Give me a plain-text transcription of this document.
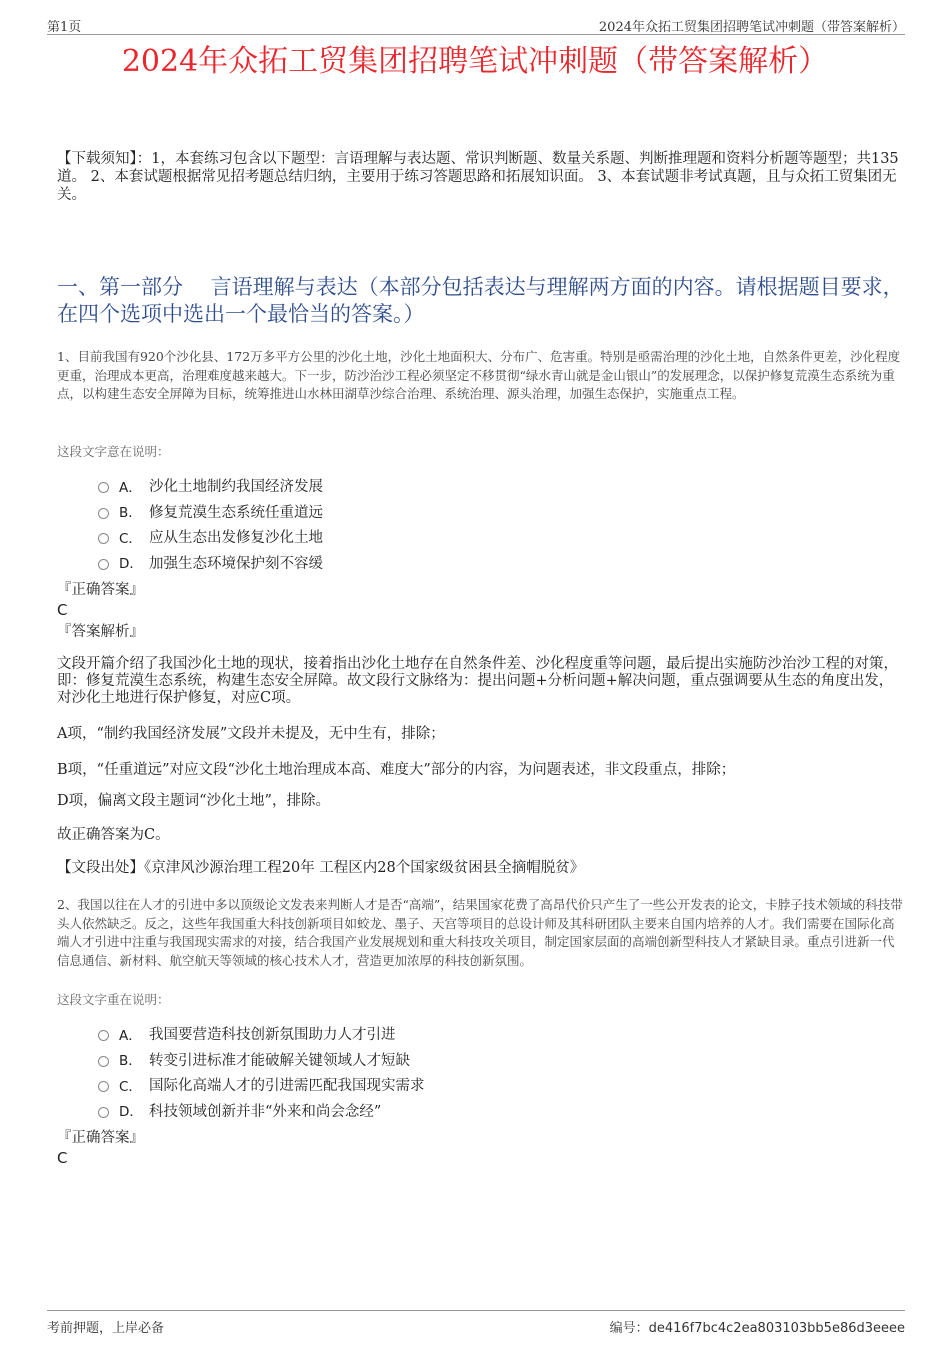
第1页	2024年众拓工贸集团招聘笔试冲刺题（带答案解析）
2024年众拓工贸集团招聘笔试冲刺题（带答案解析）
【下载须知】：1，本套练习包含以下题型：言语理解与表达题、常识判断题、数量关系题、判断推理题和资料分析题等题型；共135道。 2、本套试题根据常见招考题总结归纳，主要用于练习答题思路和拓展知识面。 3、本套试题非考试真题，且与众拓工贸集团无关。
一、第一部分　 言语理解与表达（本部分包括表达与理解两方面的内容。请根据题目要求，在四个选项中选出一个最恰当的答案。）
1、目前我国有920个沙化县、172万多平方公里的沙化土地，沙化土地面积大、分布广、危害重。特别是亟需治理的沙化土地，自然条件更差，沙化程度更重，治理成本更高，治理难度越来越大。下一步，防沙治沙工程必须坚定不移贯彻“绿水青山就是金山银山”的发展理念，以保护修复荒漠生态系统为重点，以构建生态安全屏障为目标，统筹推进山水林田湖草沙综合治理、系统治理、源头治理，加强生态保护，实施重点工程。
这段文字意在说明：
A． 沙化土地制约我国经济发展
B． 修复荒漠生态系统任重道远
C． 应从生态出发修复沙化土地
D． 加强生态环境保护刻不容缓
『正确答案』
C
『答案解析』
文段开篇介绍了我国沙化土地的现状，接着指出沙化土地存在自然条件差、沙化程度重等问题，最后提出实施防沙治沙工程的对策，即：修复荒漠生态系统，构建生态安全屏障。故文段行文脉络为：提出问题+分析问题+解决问题，重点强调要从生态的角度出发，对沙化土地进行保护修复，对应C项。
A项，“制约我国经济发展”文段并未提及，无中生有，排除；
B项，“任重道远”对应文段“沙化土地治理成本高、难度大”部分的内容，为问题表述，非文段重点，排除；
D项，偏离文段主题词“沙化土地”，排除。
故正确答案为C。
【文段出处】《京津风沙源治理工程20年 工程区内28个国家级贫困县全摘帽脱贫》
2、我国以往在人才的引进中多以顶级论文发表来判断人才是否“高端”，结果国家花费了高昂代价只产生了一些公开发表的论文，卡脖子技术领域的科技带头人依然缺乏。反之，这些年我国重大科技创新项目如蛟龙、墨子、天宫等项目的总设计师及其科研团队主要来自国内培养的人才。我们需要在国际化高端人才引进中注重与我国现实需求的对接，结合我国产业发展规划和重大科技攻关项目，制定国家层面的高端创新型科技人才紧缺目录。重点引进新一代信息通信、新材料、航空航天等领域的核心技术人才，营造更加浓厚的科技创新氛围。
这段文字重在说明：
A． 我国要营造科技创新氛围助力人才引进
B． 转变引进标准才能破解关键领域人才短缺
C． 国际化高端人才的引进需匹配我国现实需求
D． 科技领域创新并非“外来和尚会念经”
『正确答案』
C
考前押题，上岸必备	编号：de416f7bc4c2ea803103bb5e86d3eeee
